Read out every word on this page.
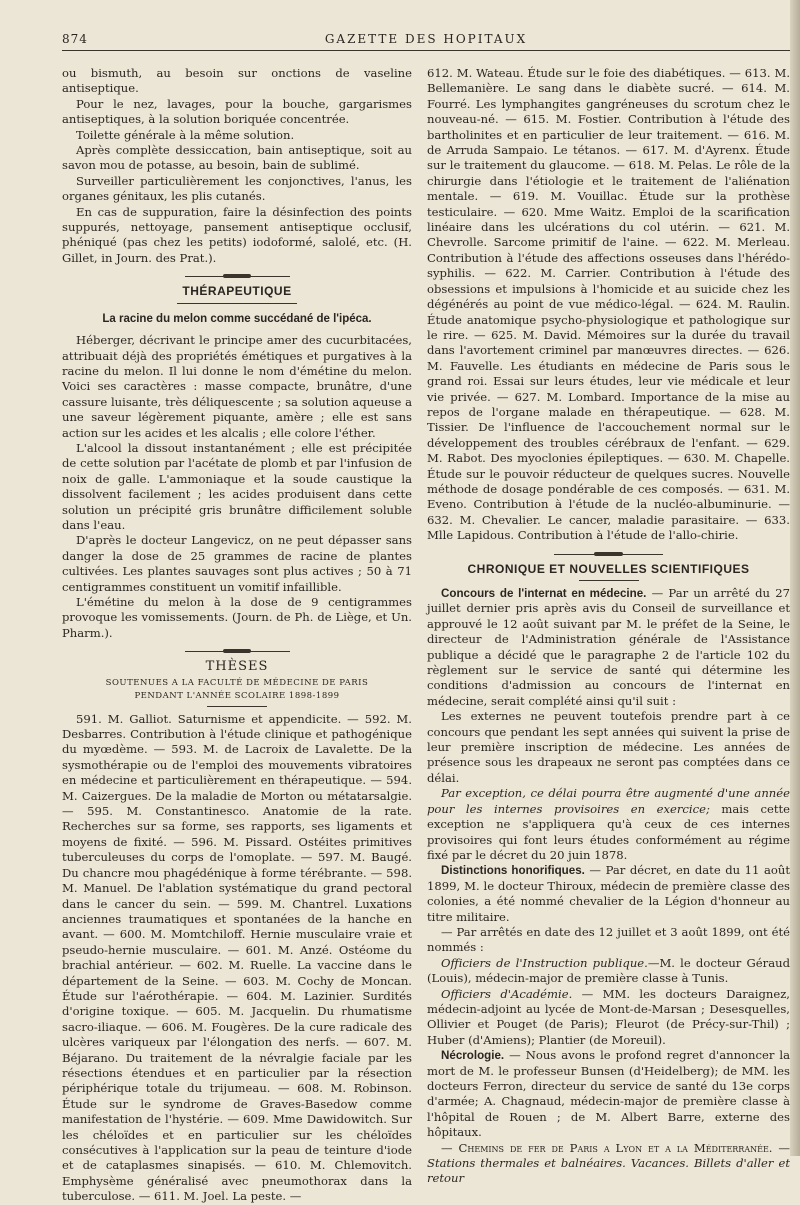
874	GAZETTE DES HOPITAUX

ou bismuth, au besoin sur onctions de vaseline antiseptique.

Pour le nez, lavages, pour la bouche, gargarismes antiseptiques, à la solution boriquée concentrée.

Toilette générale à la même solution.

Après complète dessiccation, bain antiseptique, soit au savon mou de potasse, au besoin, bain de sublimé.

Surveiller particulièrement les conjonctives, l'anus, les organes génitaux, les plis cutanés.

En cas de suppuration, faire la désinfection des points suppurés, nettoyage, pansement antiseptique occlusif, phéniqué (pas chez les petits) iodoformé, salolé, etc. (H. Gillet, in Journ. des Prat.).

THÉRAPEUTIQUE
La racine du melon comme succédané de l'ipéca.

Héberger, décrivant le principe amer des cucurbitacées, attribuait déjà des propriétés émétiques et purgatives à la racine du melon. Il lui donne le nom d'émétine du melon. Voici ses caractères : masse compacte, brunâtre, d'une cassure luisante, très déliquescente ; sa solution aqueuse a une saveur légèrement piquante, amère ; elle est sans action sur les acides et les alcalis ; elle colore l'éther.

L'alcool la dissout instantanément ; elle est précipitée de cette solution par l'acétate de plomb et par l'infusion de noix de galle. L'ammoniaque et la soude caustique la dissolvent facilement ; les acides produisent dans cette solution un précipité gris brunâtre difficilement soluble dans l'eau.

D'après le docteur Langevicz, on ne peut dépasser sans danger la dose de 25 grammes de racine de plantes cultivées. Les plantes sauvages sont plus actives ; 50 à 71 centigrammes constituent un vomitif infaillible.

L'émétine du melon à la dose de 9 centigrammes provoque les vomissements. (Journ. de Ph. de Liège, et Un. Pharm.).

THÈSES
SOUTENUES A LA FACULTÉ DE MÉDECINE DE PARIS
PENDANT L'ANNÉE SCOLAIRE 1898-1899

591. M. Galliot. Saturnisme et appendicite. — 592. M. Desbarres. Contribution à l'étude clinique et pathogénique du myœdème. — 593. M. de Lacroix de Lavalette. De la sysmothérapie ou de l'emploi des mouvements vibratoires en médecine et particulièrement en thérapeutique. — 594. M. Caizergues. De la maladie de Morton ou métatarsalgie. — 595. M. Constantinesco. Anatomie de la rate. Recherches sur sa forme, ses rapports, ses ligaments et moyens de fixité. — 596. M. Pissard. Ostéites primitives tuberculeuses du corps de l'omoplate. — 597. M. Baugé. Du chancre mou phagédénique à forme térébrante. — 598. M. Manuel. De l'ablation systématique du grand pectoral dans le cancer du sein. — 599. M. Chantrel. Luxations anciennes traumatiques et spontanées de la hanche en avant. — 600. M. Momtchiloff. Hernie musculaire vraie et pseudo-hernie musculaire. — 601. M. Anzé. Ostéome du brachial antérieur. — 602. M. Ruelle. La vaccine dans le département de la Seine. — 603. M. Cochy de Moncan. Étude sur l'aérothérapie. — 604. M. Lazinier. Surdités d'origine toxique. — 605. M. Jacquelin. Du rhumatisme sacro-iliaque. — 606. M. Fougères. De la cure radicale des ulcères variqueux par l'élongation des nerfs. — 607. M. Béjarano. Du traitement de la névralgie faciale par les résections étendues et en particulier par la résection périphérique totale du trijumeau. — 608. M. Robinson. Étude sur le syndrome de Graves-Basedow comme manifestation de l'hystérie. — 609. Mme Dawidowitch. Sur les chéloïdes et en particulier sur les chéloïdes consécutives à l'application sur la peau de teinture d'iode et de cataplasmes sinapisés. — 610. M. Chlemovitch. Emphysème généralisé avec pneumothorax dans la tuberculose. — 611. M. Joel. La peste. —

612. M. Wateau. Étude sur le foie des diabétiques. — 613. M. Bellemanière. Le sang dans le diabète sucré. — 614. M. Fourré. Les lymphangites gangréneuses du scrotum chez le nouveau-né. — 615. M. Fostier. Contribution à l'étude des bartholinites et en particulier de leur traitement. — 616. M. de Arruda Sampaio. Le tétanos. — 617. M. d'Ayrenx. Étude sur le traitement du glaucome. — 618. M. Pelas. Le rôle de la chirurgie dans l'étiologie et le traitement de l'aliénation mentale. — 619. M. Vouillac. Étude sur la prothèse testiculaire. — 620. Mme Waitz. Emploi de la scarification linéaire dans les ulcérations du col utérin. — 621. M. Chevrolle. Sarcome primitif de l'aine. — 622. M. Merleau. Contribution à l'étude des affections osseuses dans l'hérédo-syphilis. — 622. M. Carrier. Contribution à l'étude des obsessions et impulsions à l'homicide et au suicide chez les dégénérés au point de vue médico-légal. — 624. M. Raulin. Étude anatomique psycho-physiologique et pathologique sur le rire. — 625. M. David. Mémoires sur la durée du travail dans l'avortement criminel par manœuvres directes. — 626. M. Fauvelle. Les étudiants en médecine de Paris sous le grand roi. Essai sur leurs études, leur vie médicale et leur vie privée. — 627. M. Lombard. Importance de la mise au repos de l'organe malade en thérapeutique. — 628. M. Tissier. De l'influence de l'accouchement normal sur le développement des troubles cérébraux de l'enfant. — 629. M. Rabot. Des myoclonies épileptiques. — 630. M. Chapelle. Étude sur le pouvoir réducteur de quelques sucres. Nouvelle méthode de dosage pondérable de ces composés. — 631. M. Eveno. Contribution à l'étude de la nucléo-albuminurie. — 632. M. Chevalier. Le cancer, maladie parasitaire. — 633. Mlle Lapidous. Contribution à l'étude de l'allo-chirie.

CHRONIQUE ET NOUVELLES SCIENTIFIQUES

Concours de l'internat en médecine. — Par un arrêté du 27 juillet dernier pris après avis du Conseil de surveillance et approuvé le 12 août suivant par M. le préfet de la Seine, le directeur de l'Administration générale de l'Assistance publique a décidé que le paragraphe 2 de l'article 102 du règlement sur le service de santé qui détermine les conditions d'admission au concours de l'internat en médecine, serait complété ainsi qu'il suit :

Les externes ne peuvent toutefois prendre part à ce concours que pendant les sept années qui suivent la prise de leur première inscription de médecine. Les années de présence sous les drapeaux ne seront pas comptées dans ce délai.

Par exception, ce délai pourra être augmenté d'une année pour les internes provisoires en exercice; mais cette exception ne s'appliquera qu'à ceux de ces internes provisoires qui font leurs études conformément au régime fixé par le décret du 20 juin 1878.

Distinctions honorifiques. — Par décret, en date du 11 août 1899, M. le docteur Thiroux, médecin de première classe des colonies, a été nommé chevalier de la Légion d'honneur au titre militaire.

— Par arrêtés en date des 12 juillet et 3 août 1899, ont été nommés :

Officiers de l'Instruction publique.—M. le docteur Géraud (Louis), médecin-major de première classe à Tunis.

Officiers d'Académie. — MM. les docteurs Daraignez, médecin-adjoint au lycée de Mont-de-Marsan ; Desesquelles, Ollivier et Pouget (de Paris); Fleurot (de Précy-sur-Thil) ; Huber (d'Amiens); Plantier (de Moreuil).

Nécrologie. — Nous avons le profond regret d'annoncer la mort de M. le professeur Bunsen (d'Heidelberg); de MM. les docteurs Ferron, directeur du service de santé du 13e corps d'armée; A. Chagnaud, médecin-major de première classe à l'hôpital de Rouen ; de M. Albert Barre, externe des hôpitaux.

— Chemins de fer de Paris a Lyon et a la Méditerranée. — Stations thermales et balnéaires. Vacances. Billets d'aller et retour
